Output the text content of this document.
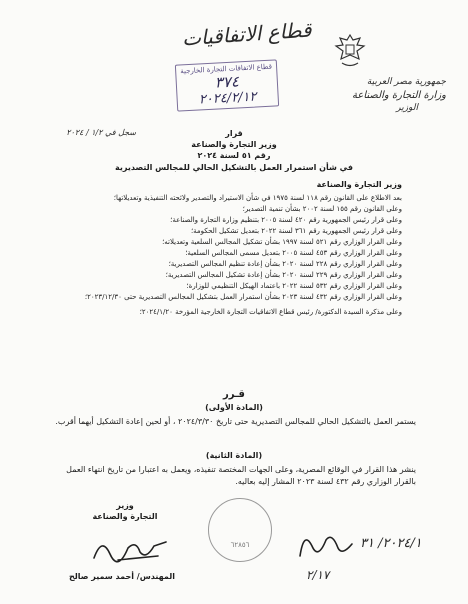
قطاع الاتفاقيات
جمهورية مصر العربية
وزارة التجارة والصناعة
الوزير
قطاع الاتفاقات التجارة الخارجية
٣٧٤
٢٠٢٤/٢/١٢
سجل في ١/٢ / ٢٠٢٤	قرار
وزير التجارة والصناعة
رقم ٥١ لسنة ٢٠٢٤
في شأن استمرار العمل بالتشكيل الحالي للمجالس التصديرية
وزير التجارة والصناعة
بعد الاطلاع على القانون رقم ١١٨ لسنة ١٩٧٥ في شأن الاستيراد والتصدير ولائحته التنفيذية وتعديلاتها؛
وعلى القانون رقم ١٥٥ لسنة ٢٠٠٢ بشأن تنمية التصدير؛
وعلى قرار رئيس الجمهورية رقم ٤٢٠ لسنة ٢٠٠٥ بتنظيم وزارة التجارة والصناعة؛
وعلى قرار رئيس الجمهورية رقم ٣٦١ لسنة ٢٠٢٢ بتعديل تشكيل الحكومة؛
وعلى القرار الوزاري رقم ٥٢١ لسنة ١٩٩٧ بشأن تشكيل المجالس السلعية وتعديلاته؛
وعلى القرار الوزاري رقم ٤٥٣ لسنة ٢٠٠٥ بتعديل مسمى المجالس السلعية؛
وعلى القرار الوزاري رقم ٢٢٨ لسنة ٢٠٢٠ بشأن إعادة تنظيم المجالس التصديرية؛
وعلى القرار الوزاري رقم ٢٢٩ لسنة ٢٠٢٠ بشأن إعادة تشكيل المجالس التصديرية؛
وعلى القرار الوزاري رقم ٥٣٢ لسنة ٢٠٢٢ باعتماد الهيكل التنظيمي للوزارة؛
وعلى القرار الوزاري رقم ٤٣٢ لسنة ٢٠٢٣ بشأن استمرار العمل بتشكيل المجالس التصديرية حتى ٢٠٢٣/١٢/٣٠؛
وعلى مذكرة السيدة الدكتورة/ رئيس قطاع الاتفاقيات التجارة الخارجية المؤرخة ٢٠٢٤/١/٢٠؛
قـرر
(المادة الأولى)
يستمر العمل بالتشكيل الحالي للمجالس التصديرية حتى تاريخ ٢٠٢٤/٣/٣٠ ، أو لحين إعادة التشكيل أيهما أقرب.
(المادة الثانية)
ينشر هذا القرار في الوقائع المصرية، وعلى الجهات المختصة تنفيذه، ويعمل به اعتبارا من تاريخ انتهاء العمل بالقرار الوزاري رقم ٤٣٢ لسنة ٢٠٢٣ المشار إليه بعاليه.
٦٢٨٥٦
وزير
التجارة والصناعة
المهندس/ أحمد سمير صالح
٢٠٢٤/١/ ٣١
٢/١٧
